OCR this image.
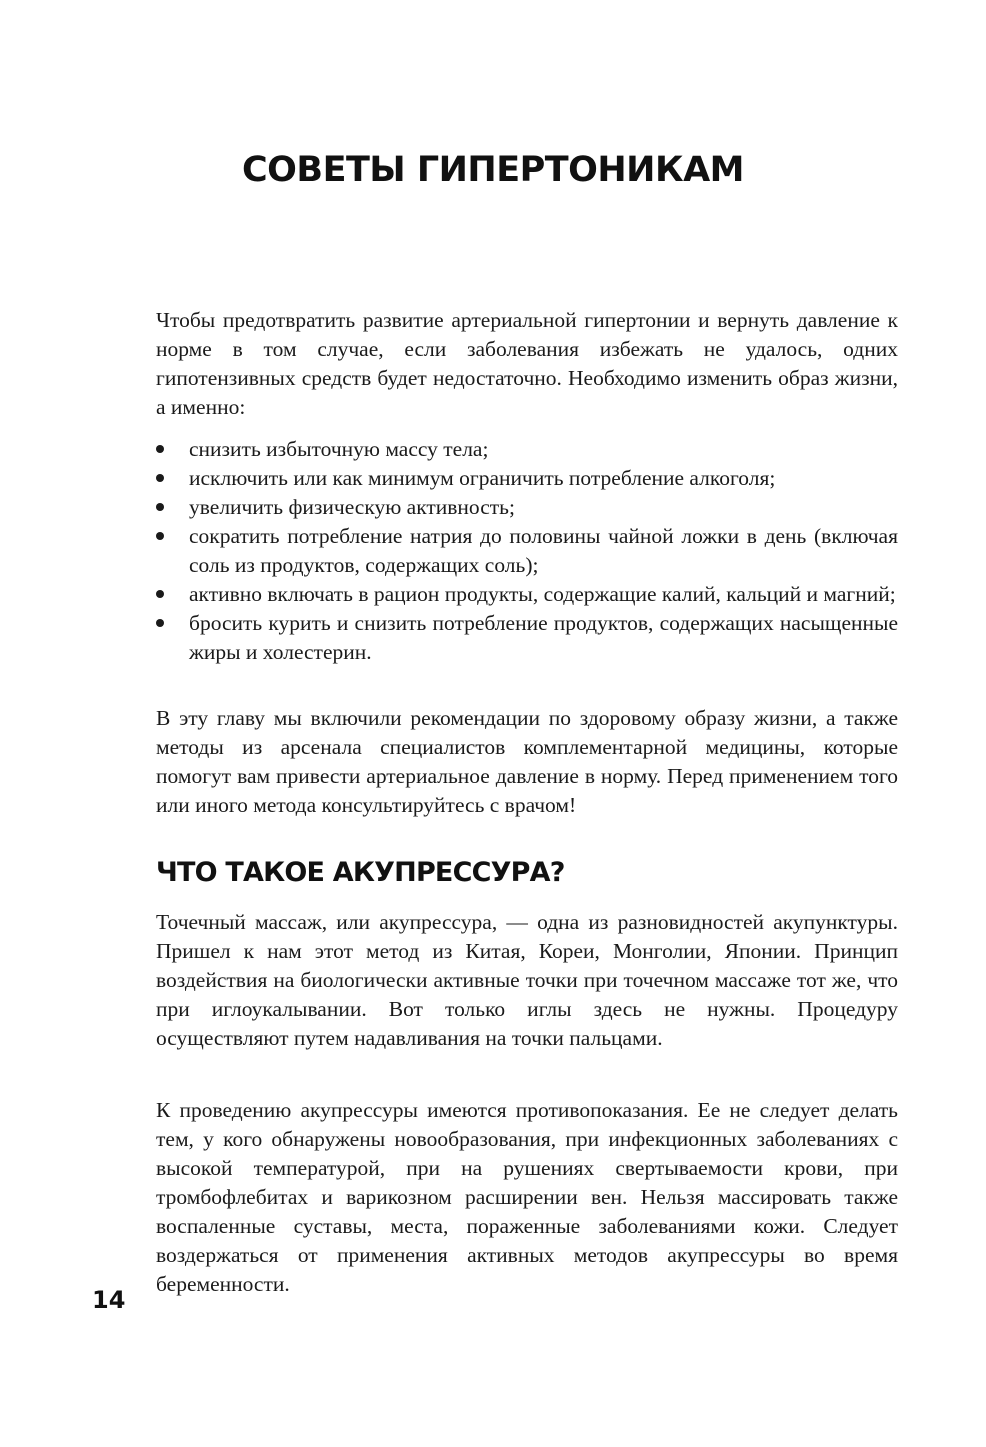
СОВЕТЫ ГИПЕРТОНИКАМ

Чтобы предотвратить развитие артериальной гипертонии и вернуть давление к норме в том случае, если заболевания избежать не удалось, одних гипотензивных средств будет недостаточно. Необходимо изменить образ жизни, а именно:

снизить избыточную массу тела;
исключить или как минимум ограничить потребление алкоголя;
увеличить физическую активность;
сократить потребление натрия до половины чайной ложки в день (включая соль из продуктов, содержащих соль);
активно включать в рацион продукты, содержащие калий, кальций и магний;
бросить курить и снизить потребление продуктов, содержащих насыщенные жиры и холестерин.

В эту главу мы включили рекомендации по здоровому образу жизни, а также методы из арсенала специалистов комплементарной медицины, которые помогут вам привести артериальное давление в норму. Перед применением того или иного метода консультируйтесь с врачом!

ЧТО ТАКОЕ АКУПРЕССУРА?

Точечный массаж, или акупрессура, — одна из разновидностей акупунктуры. Пришел к нам этот метод из Китая, Кореи, Монголии, Японии. Принцип воздействия на биологически активные точки при точечном массаже тот же, что при иглоукалывании. Вот только иглы здесь не нужны. Процедуру осуществляют путем надавливания на точки пальцами.

К проведению акупрессуры имеются противопоказания. Ее не следует делать тем, у кого обнаружены новообразования, при инфекционных заболеваниях с высокой температурой, при на рушениях свертываемости крови, при тромбофлебитах и варикозном расширении вен. Нельзя массировать также воспаленные суставы, места, пораженные заболеваниями кожи. Следует воздержаться от применения активных методов акупрессуры во время беременности.

14
